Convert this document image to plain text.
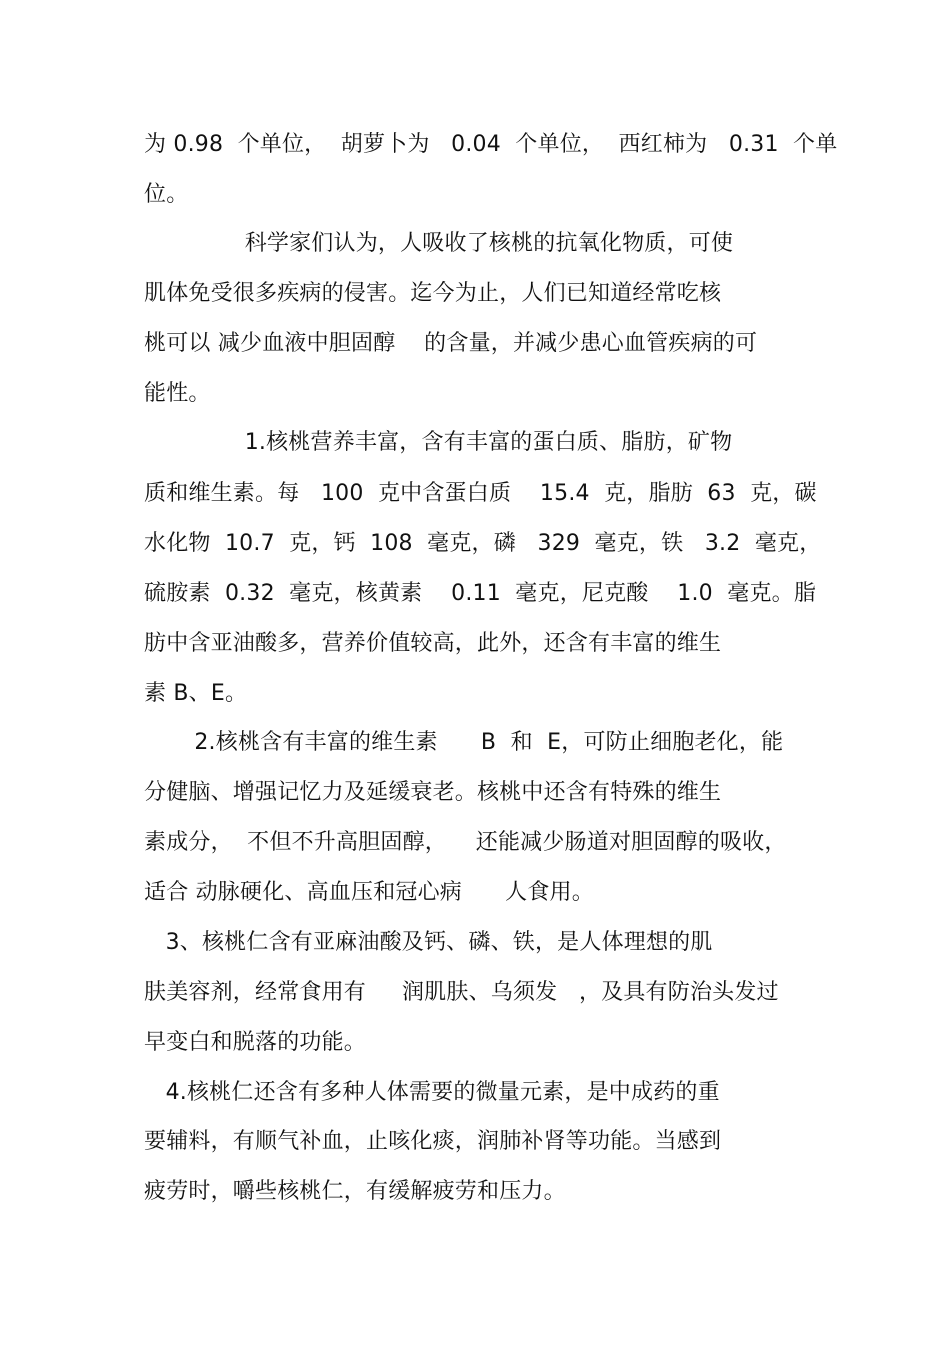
为 0.98  个单位，  胡萝卜为   0.04  个单位，  西红柿为   0.31  个单
位。
科学家们认为，人吸收了核桃的抗氧化物质，可使
肌体免受很多疾病的侵害。迄今为止，人们已知道经常吃核
桃可以 减少血液中胆固醇    的含量，并减少患心血管疾病的可
能性。
1.核桃营养丰富，含有丰富的蛋白质、脂肪，矿物
质和维生素。每   100  克中含蛋白质    15.4  克，脂肪  63  克，碳
水化物  10.7  克，钙  108  毫克，磷   329  毫克，铁   3.2  毫克，
硫胺素  0.32  毫克，核黄素    0.11  毫克，尼克酸    1.0  毫克。脂
肪中含亚油酸多，营养价值较高，此外，还含有丰富的维生
素 B、E。
2.核桃含有丰富的维生素      B  和  E，可防止细胞老化，能
分健脑、增强记忆力及延缓衰老。核桃中还含有特殊的维生
素成分，  不但不升高胆固醇，    还能减少肠道对胆固醇的吸收，
适合 动脉硬化、高血压和冠心病      人食用。
3、核桃仁含有亚麻油酸及钙、磷、铁，是人体理想的肌
肤美容剂，经常食用有     润肌肤、乌须发   ，及具有防治头发过
早变白和脱落的功能。
4.核桃仁还含有多种人体需要的微量元素，是中成药的重
要辅料，有顺气补血，止咳化痰，润肺补肾等功能。当感到
疲劳时，嚼些核桃仁，有缓解疲劳和压力。
